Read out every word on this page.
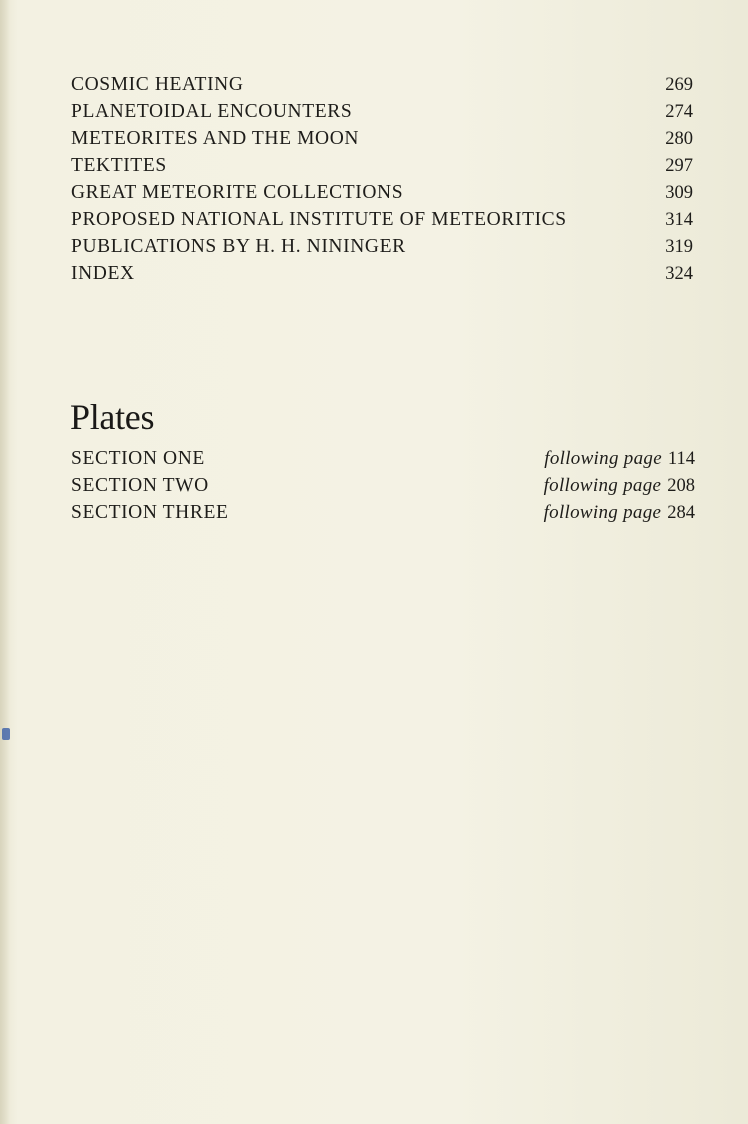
COSMIC HEATING	269
PLANETOIDAL ENCOUNTERS	274
METEORITES AND THE MOON	280
TEKTITES	297
GREAT METEORITE COLLECTIONS	309
PROPOSED NATIONAL INSTITUTE OF METEORITICS	314
PUBLICATIONS BY H. H. NININGER	319
INDEX	324
Plates
SECTION ONE	following page 114
SECTION TWO	following page 208
SECTION THREE	following page 284
